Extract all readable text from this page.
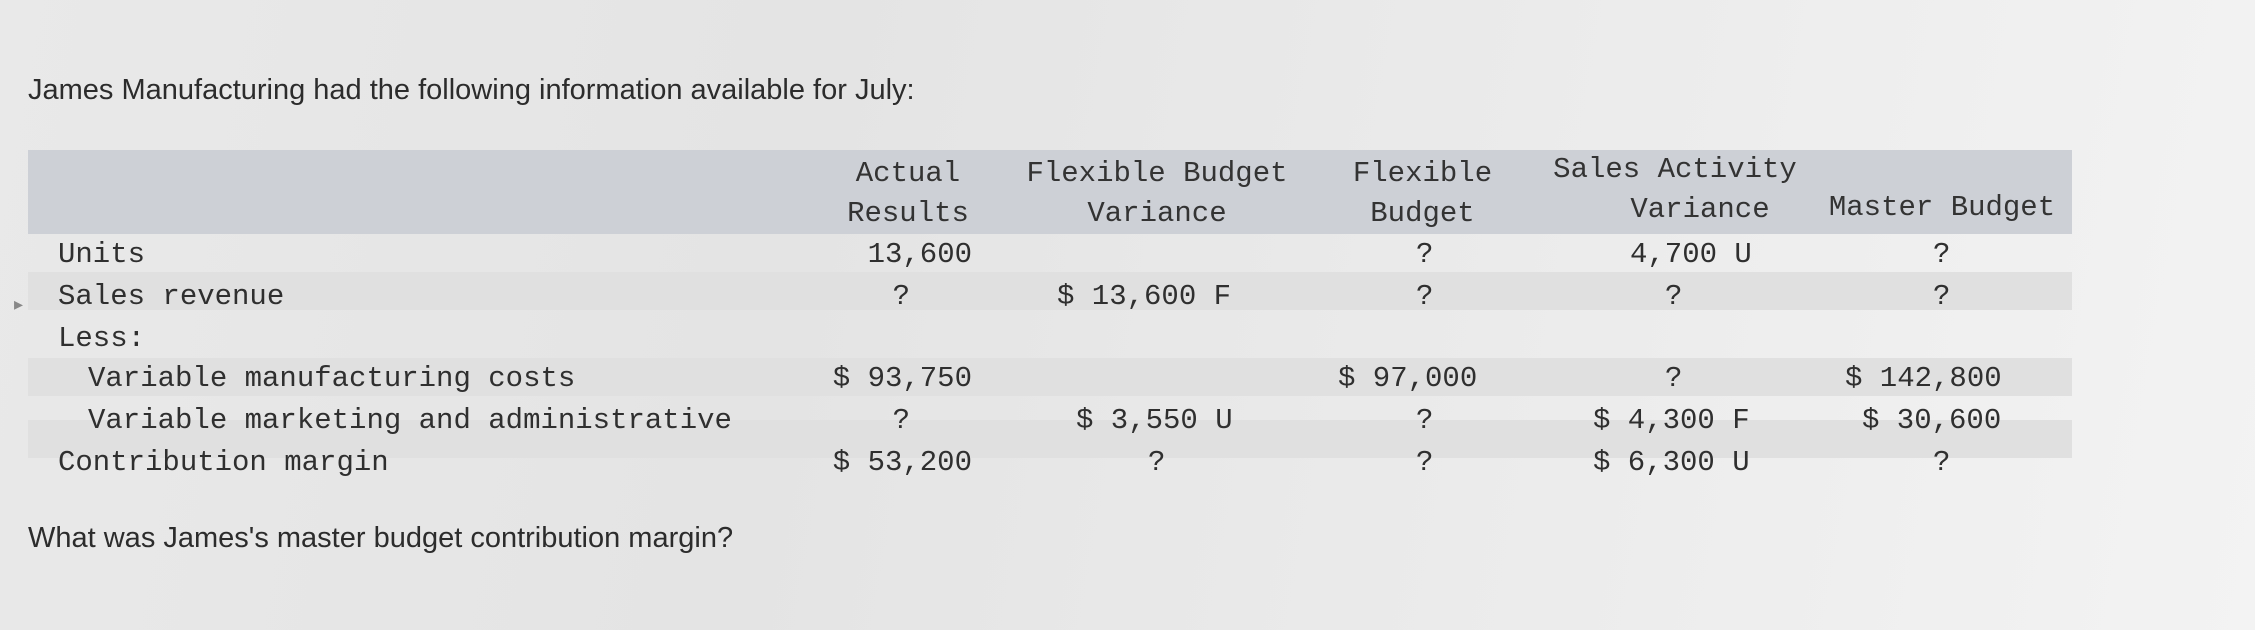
James Manufacturing had the following information available for July:
Actual
Results
Flexible Budget
Variance
Flexible
Budget
Sales Activity
Variance	Master Budget
Units
▸ Sales revenue
Less:
Variable manufacturing costs
Variable marketing and administrative
Contribution margin
13,600
?
$ 93,750
?
$ 53,200
$ 13,600 F
$ 3,550 U
?
?
?
$ 97,000
?
?
4,700 U
?
?
$ 4,300 F
$ 6,300 U
?
?
$ 142,800
$ 30,600
?
What was James's master budget contribution margin?
